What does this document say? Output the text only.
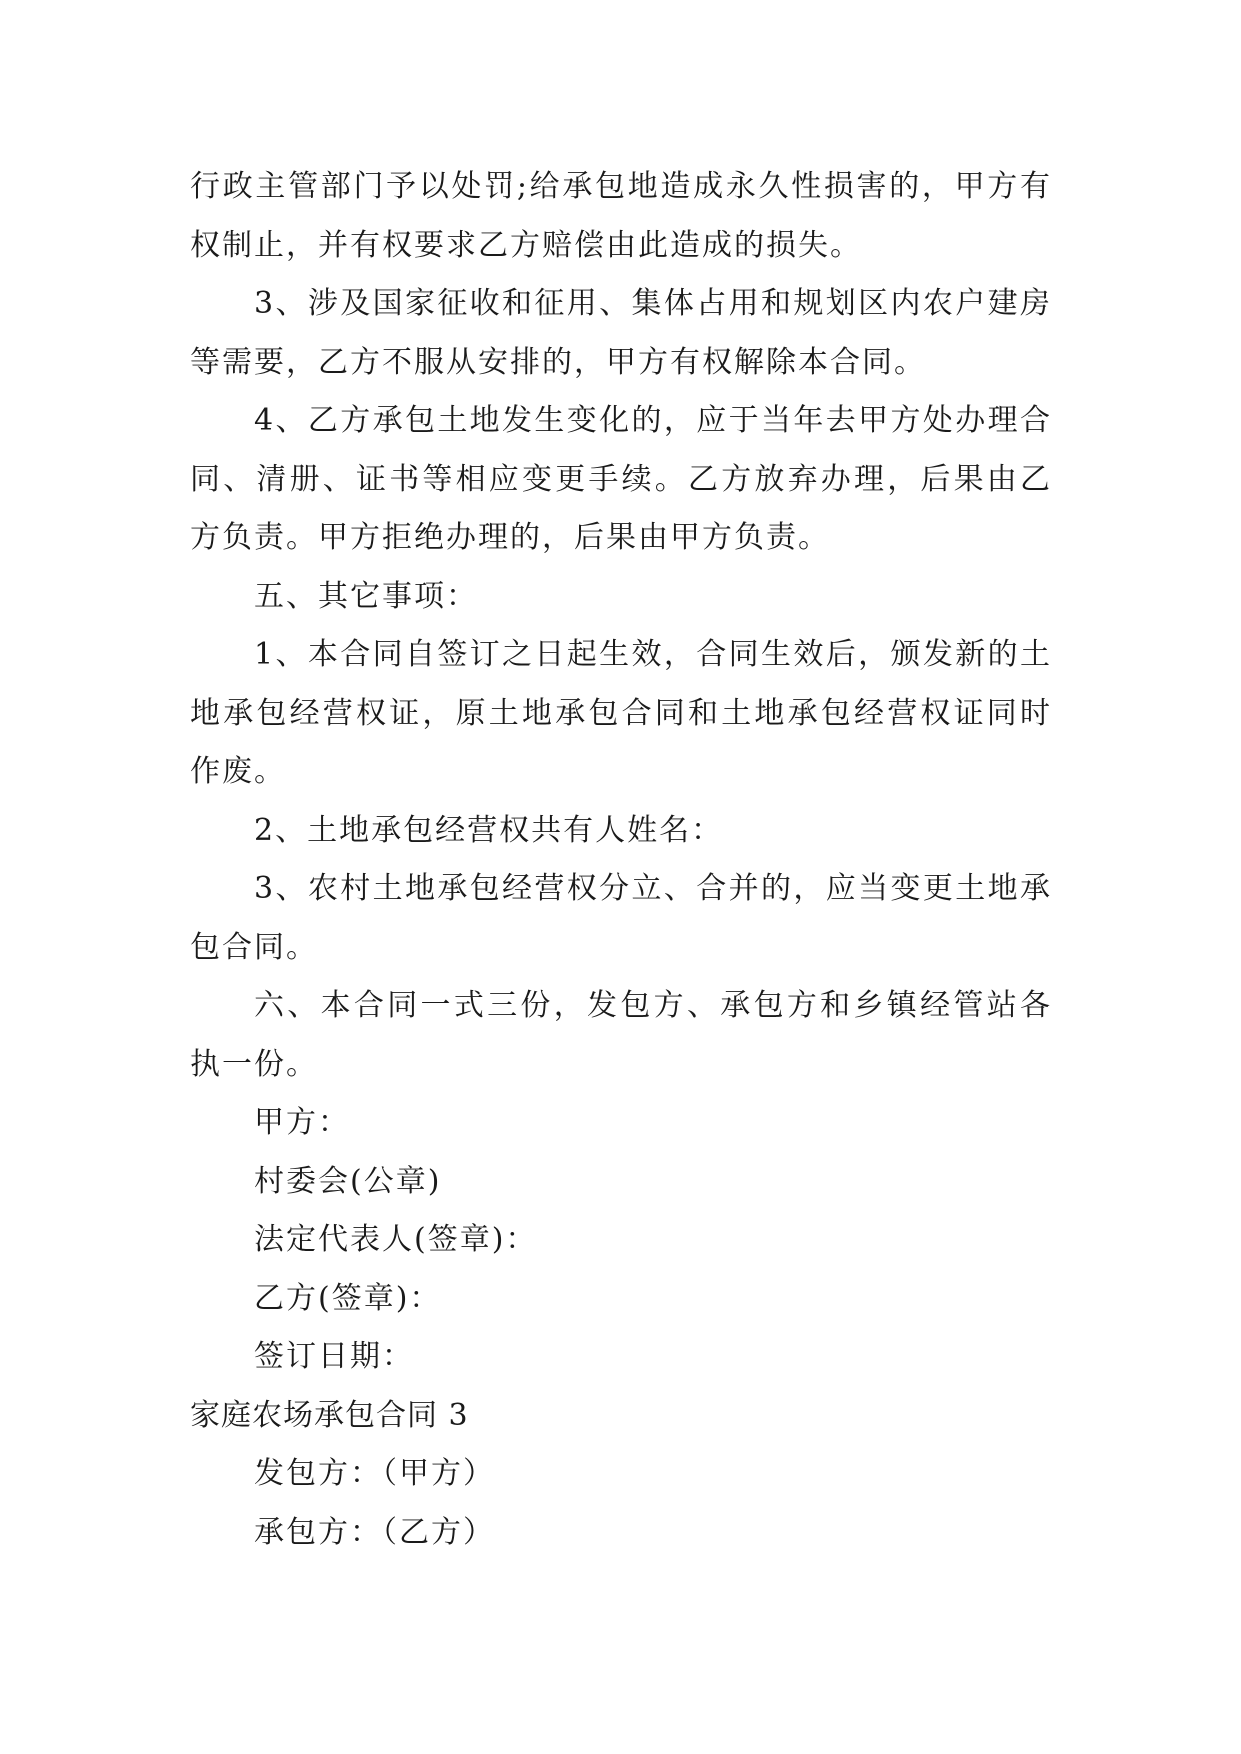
行政主管部门予以处罚;给承包地造成永久性损害的，甲方有权制止，并有权要求乙方赔偿由此造成的损失。

3、涉及国家征收和征用、集体占用和规划区内农户建房等需要，乙方不服从安排的，甲方有权解除本合同。

4、乙方承包土地发生变化的，应于当年去甲方处办理合同、清册、证书等相应变更手续。乙方放弃办理，后果由乙方负责。甲方拒绝办理的，后果由甲方负责。

五、其它事项：

1、本合同自签订之日起生效，合同生效后，颁发新的土地承包经营权证，原土地承包合同和土地承包经营权证同时作废。

2、土地承包经营权共有人姓名：

3、农村土地承包经营权分立、合并的，应当变更土地承包合同。

六、本合同一式三份，发包方、承包方和乡镇经管站各执一份。

甲方：

村委会(公章)

法定代表人(签章)：

乙方(签章)：

签订日期：

家庭农场承包合同 3

发包方：（甲方）

承包方：（乙方）
